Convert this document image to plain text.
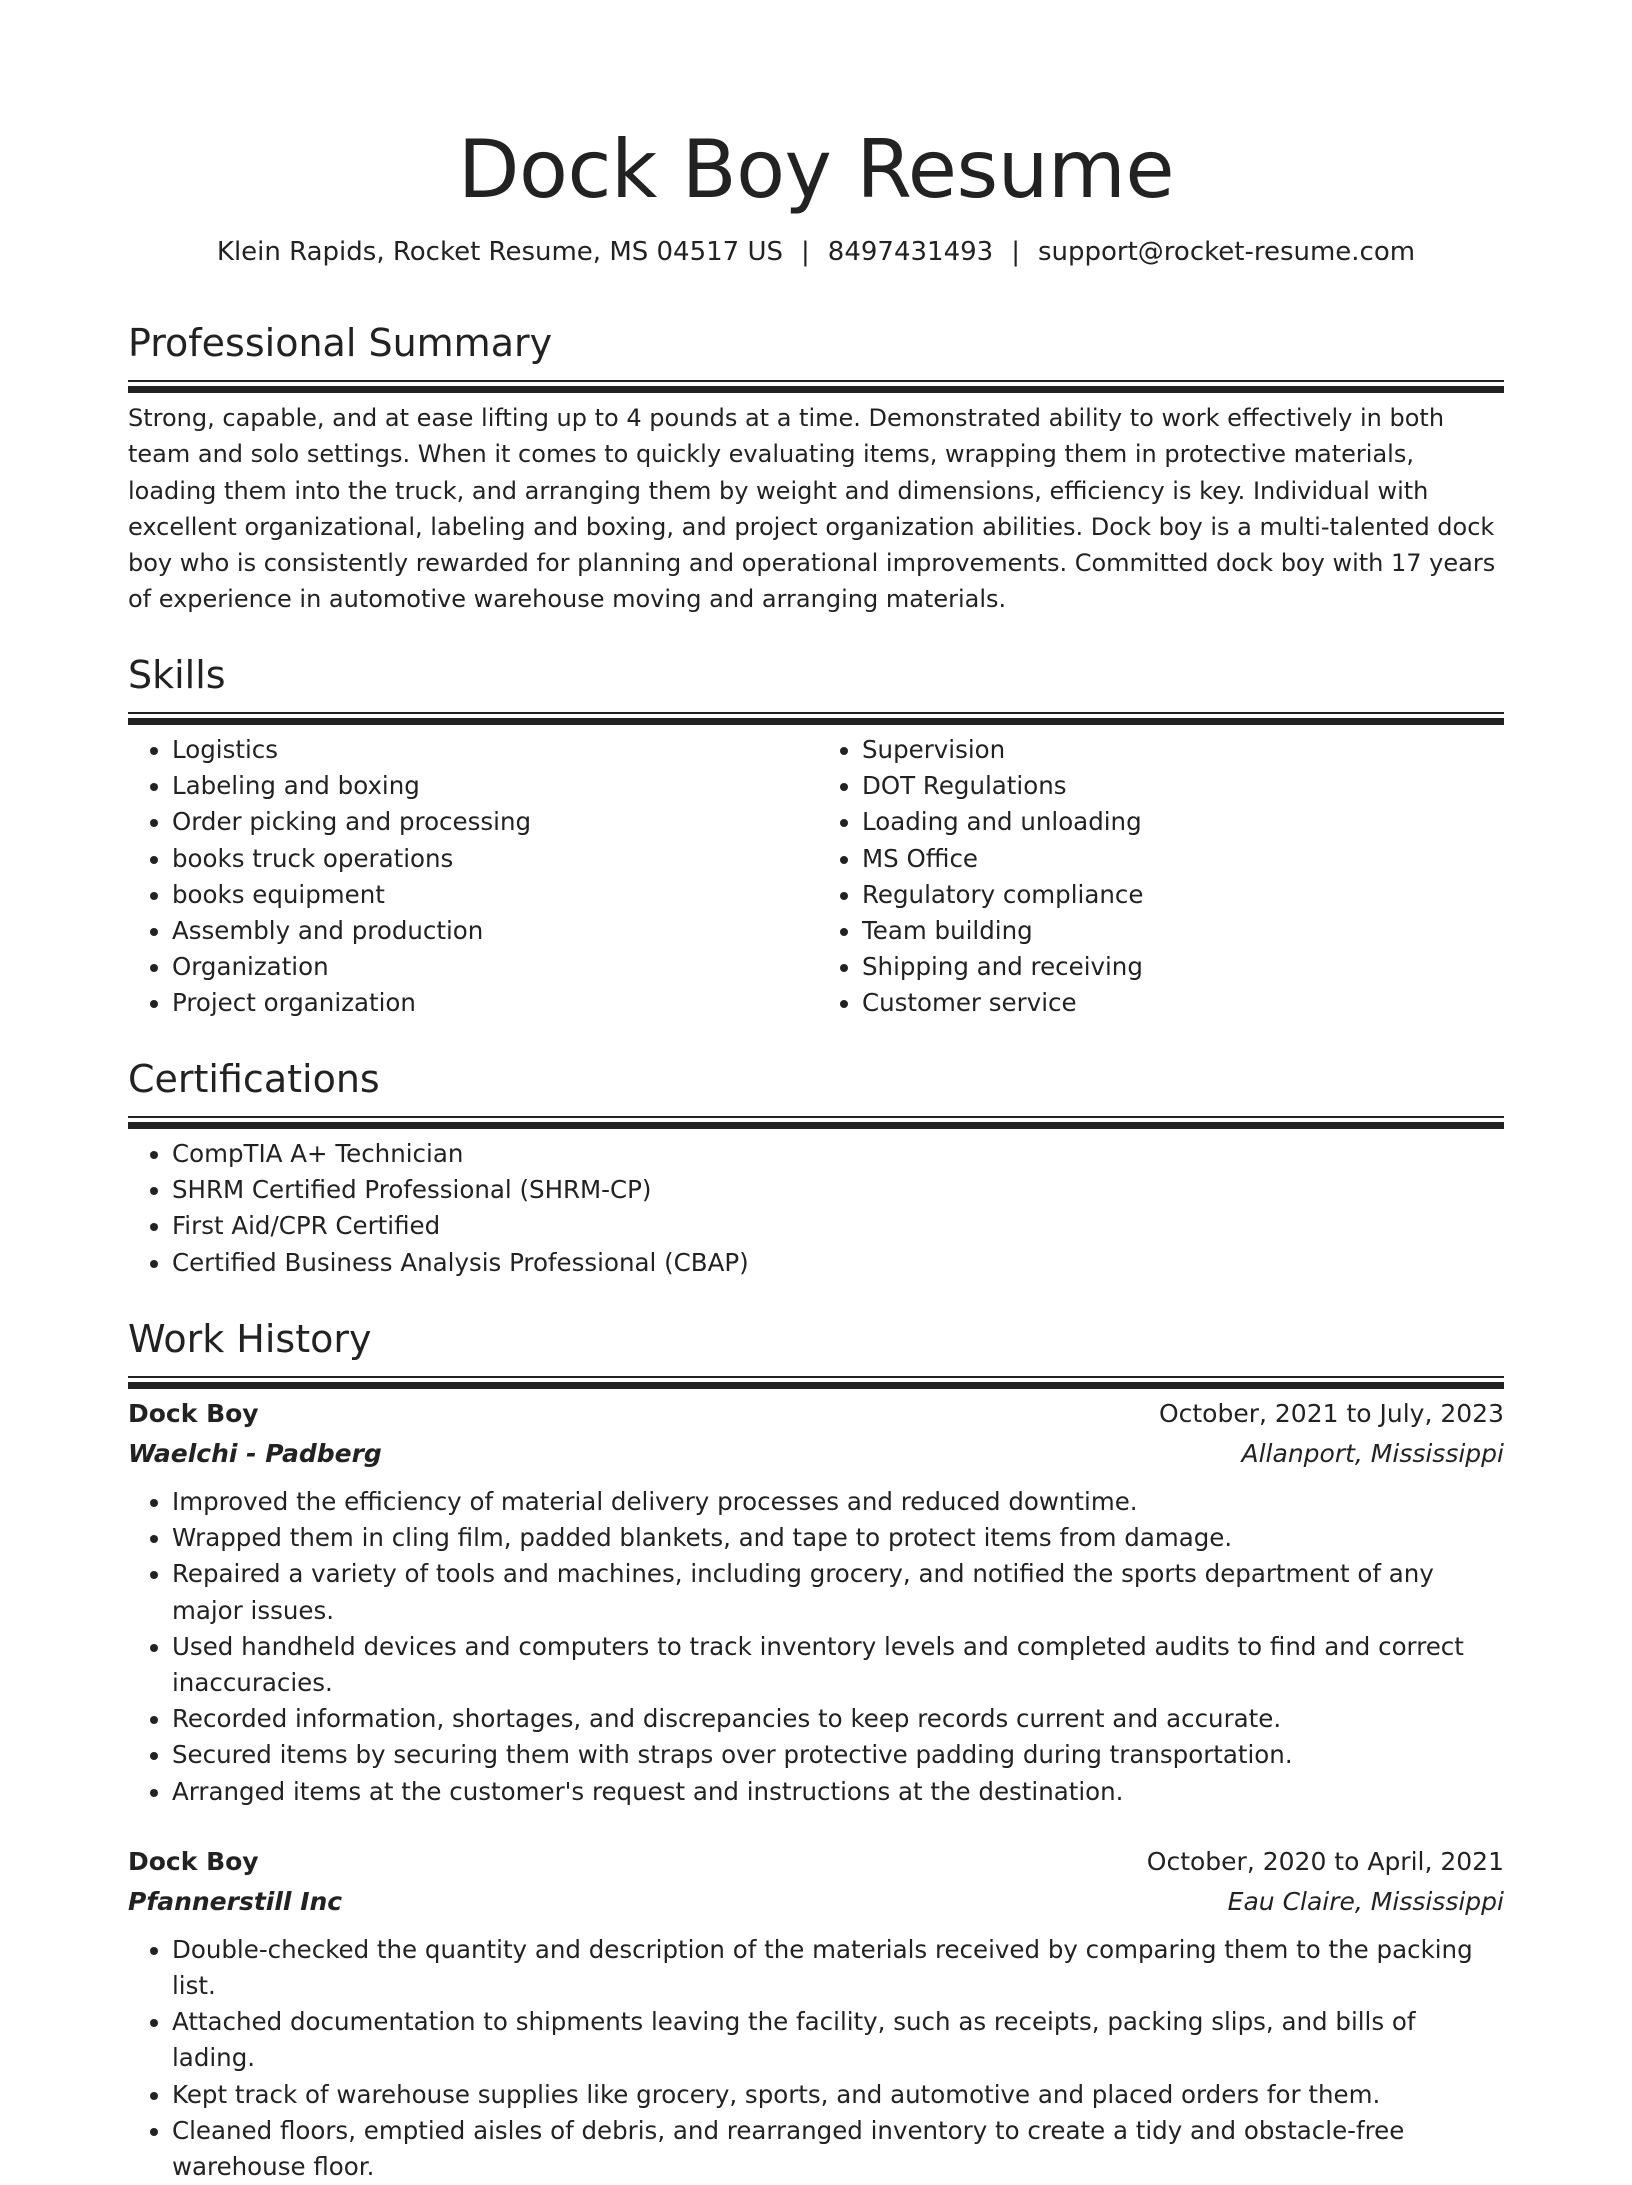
Dock Boy Resume
Klein Rapids, Rocket Resume, MS 04517 US | 8497431493 | support@rocket-resume.com
Professional Summary

Strong, capable, and at ease lifting up to 4 pounds at a time. Demonstrated ability to work effectively in both team and solo settings. When it comes to quickly evaluating items, wrapping them in protective materials, loading them into the truck, and arranging them by weight and dimensions, efficiency is key. Individual with excellent organizational, labeling and boxing, and project organization abilities. Dock boy is a multi-talented dock boy who is consistently rewarded for planning and operational improvements. Committed dock boy with 17 years of experience in automotive warehouse moving and arranging materials.

Skills
• Logistics
• Labeling and boxing
• Order picking and processing
• books truck operations
• books equipment
• Assembly and production
• Organization
• Project organization
• Supervision
• DOT Regulations
• Loading and unloading
• MS Office
• Regulatory compliance
• Team building
• Shipping and receiving
• Customer service
Certifications
• CompTIA A+ Technician
• SHRM Certified Professional (SHRM-CP)
• First Aid/CPR Certified
• Certified Business Analysis Professional (CBAP)
Work History
Dock Boy	October, 2021 to July, 2023
Waelchi - Padberg	Allanport, Mississippi
• Improved the efficiency of material delivery processes and reduced downtime.
• Wrapped them in cling film, padded blankets, and tape to protect items from damage.
• Repaired a variety of tools and machines, including grocery, and notified the sports department of any major issues.
• Used handheld devices and computers to track inventory levels and completed audits to find and correct inaccuracies.
• Recorded information, shortages, and discrepancies to keep records current and accurate.
• Secured items by securing them with straps over protective padding during transportation.
• Arranged items at the customer's request and instructions at the destination.
Dock Boy	October, 2020 to April, 2021
Pfannerstill Inc	Eau Claire, Mississippi
• Double-checked the quantity and description of the materials received by comparing them to the packing list.
• Attached documentation to shipments leaving the facility, such as receipts, packing slips, and bills of lading.
• Kept track of warehouse supplies like grocery, sports, and automotive and placed orders for them.
• Cleaned floors, emptied aisles of debris, and rearranged inventory to create a tidy and obstacle-free warehouse floor.
